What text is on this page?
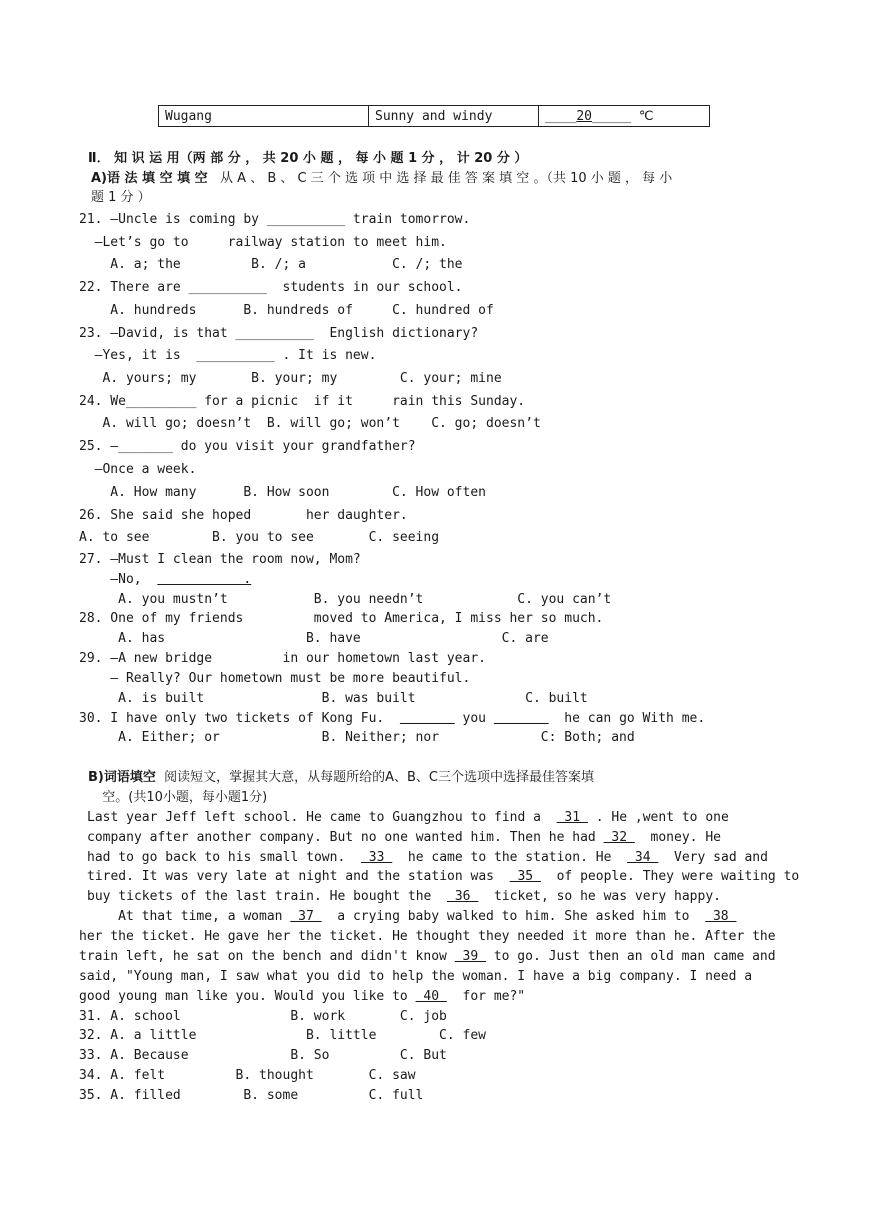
Wugang	Sunny and windy	____20_____ ℃
Ⅱ． 知 识 运 用（两 部 分 ， 共 20 小 题 ， 每 小 题 1 分 ， 计 20 分 ）
A)语 法 填 空 填 空   从 A 、 B 、 C 三 个 选 项 中 选 择 最 佳 答 案 填 空 。（共 10 小 题 ， 每 小
题 1 分 ）
21. —Uncle is coming by __________ train tomorrow.
—Let’s go to     railway station to meet him.
A. a; the         B. /; a           C. /; the
22. There are __________  students in our school.
A. hundreds      B. hundreds of     C. hundred of
23. —David, is that __________  English dictionary?
—Yes, it is  __________ . It is new.
A. yours; my       B. your; my        C. your; mine
24. We_________ for a picnic  if it     rain this Sunday.
A. will go; doesn’t  B. will go; won’t    C. go; doesn’t
25. —_______ do you visit your grandfather?
—Once a week.
A. How many      B. How soon        C. How often
26. She said she hoped       her daughter.
A. to see        B. you to see       C. seeing
27. —Must I clean the room now, Mom?
—No,             .
A. you mustn’t           B. you needn’t            C. you can’t
28. One of my friends         moved to America, I miss her so much.
A. has                  B. have                  C. are
29. —A new bridge         in our hometown last year.
— Really? Our hometown must be more beautiful.
A. is built               B. was built              C. built
30. I have only two tickets of Kong Fu.	you	he can go With me.
A. Either; or             B. Neither; nor             C: Both; and
B)词语填空  阅读短文，掌握其大意，从每题所给的A、B、C三个选项中选择最佳答案填
空。(共10小题，每小题1分)
Last year Jeff left school. He came to Guangzhou to find a   31  . He ,went to one
company after another company. But no one wanted him. Then he had  32   money. He
had to go back to his small town.   33   he came to the station. He   34   Very sad and
tired. It was very late at night and the station was   35   of people. They were waiting to
buy tickets of the last train. He bought the   36   ticket, so he was very happy.
At that time, a woman  37   a crying baby walked to him. She asked him to   38
her the ticket. He gave her the ticket. He thought they needed it more than he. After the
train left, he sat on the bench and didn't know  39  to go. Just then an old man came and
said, "Young man, I saw what you did to help the woman. I have a big company. I need a
good young man like you. Would you like to  40   for me?"
31. A. school              B. work       C. job
32. A. a little              B. little        C. few
33. A. Because             B. So         C. But
34. A. felt         B. thought       C. saw
35. A. filled        B. some         C. full
